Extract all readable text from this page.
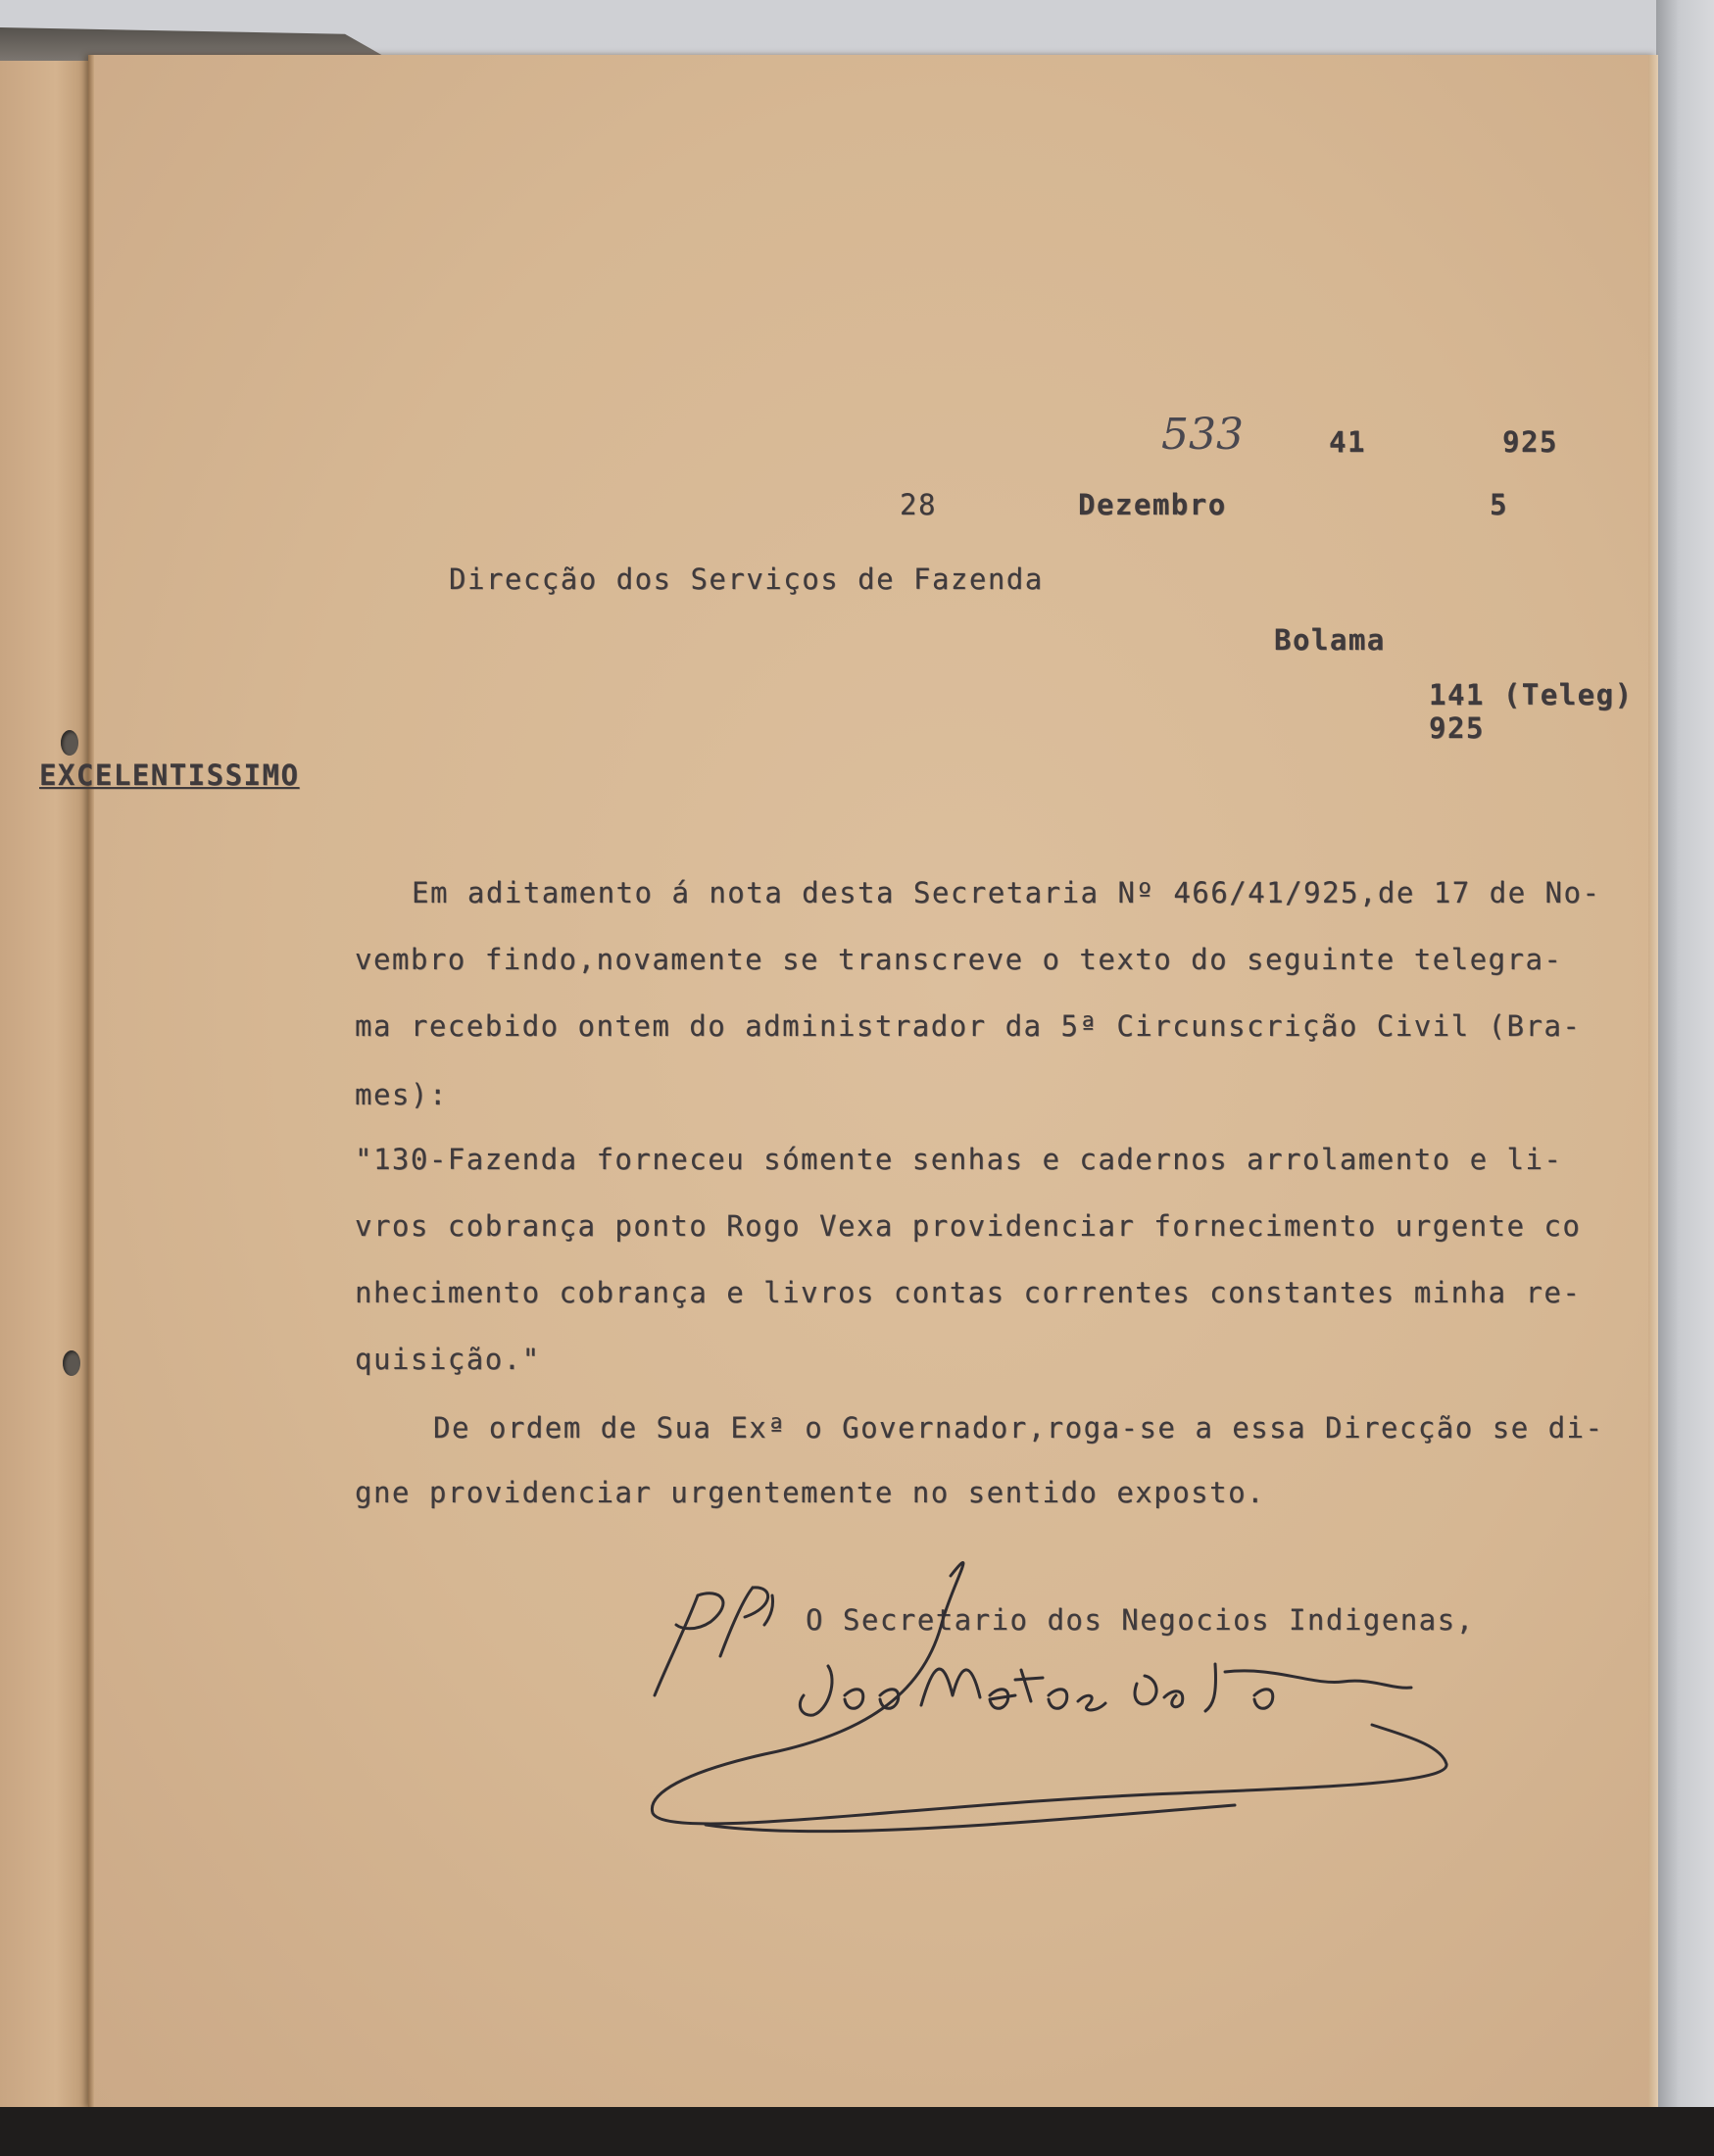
533	41	925
28	Dezembro	5
Direcção dos Serviços de Fazenda
Bolama
141 (Teleg)
925
EXCELENTISSIMO
Em aditamento á nota desta Secretaria Nº 466/41/925,de 17 de No-
vembro findo,novamente se transcreve o texto do seguinte telegra-
ma recebido ontem do administrador da 5ª Circunscrição Civil (Bra-
mes):
"130-Fazenda forneceu sómente senhas e cadernos arrolamento e li-
vros cobrança ponto Rogo Vexa providenciar fornecimento urgente co
nhecimento cobrança e livros contas correntes constantes minha re-
quisição."
De ordem de Sua Exª o Governador,roga-se a essa Direcção se di-
gne providenciar urgentemente no sentido exposto.
O Secretario dos Negocios Indigenas,
